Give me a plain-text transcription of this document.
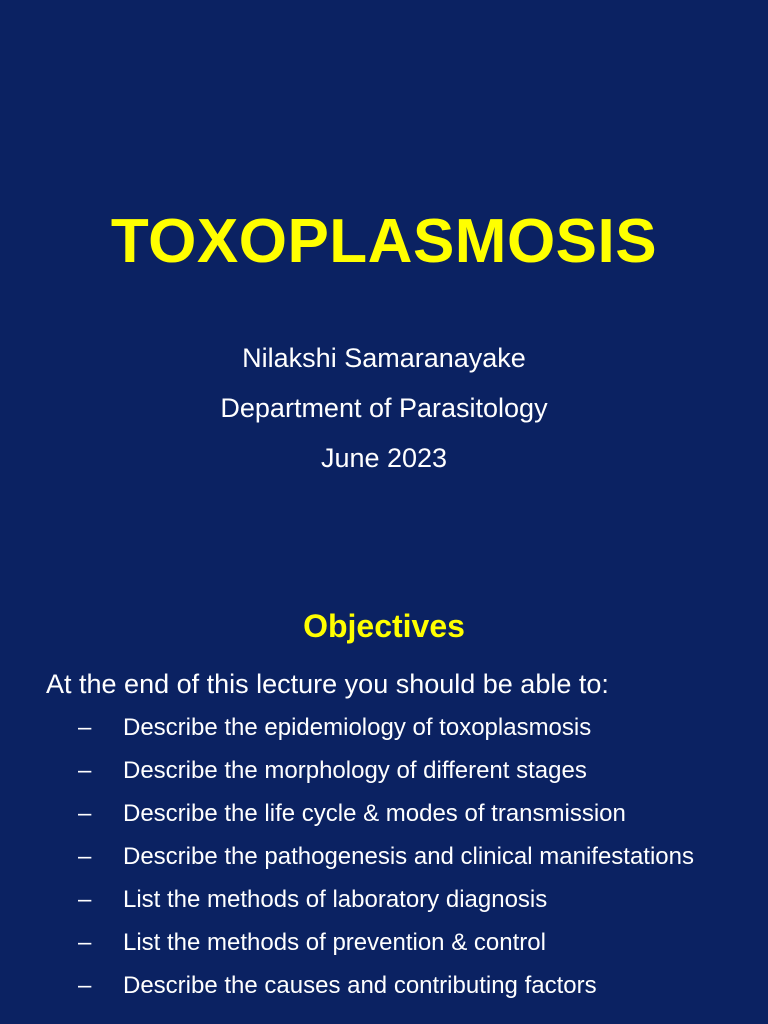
TOXOPLASMOSIS
Nilakshi Samaranayake
Department of Parasitology
June 2023
Objectives
At the end of this lecture you should be able to:
– Describe the epidemiology of toxoplasmosis
– Describe the morphology of different stages
– Describe the life cycle & modes of transmission
– Describe the pathogenesis and clinical manifestations
– List the methods of laboratory diagnosis
– List the methods of prevention & control
– Describe the causes and contributing factors
